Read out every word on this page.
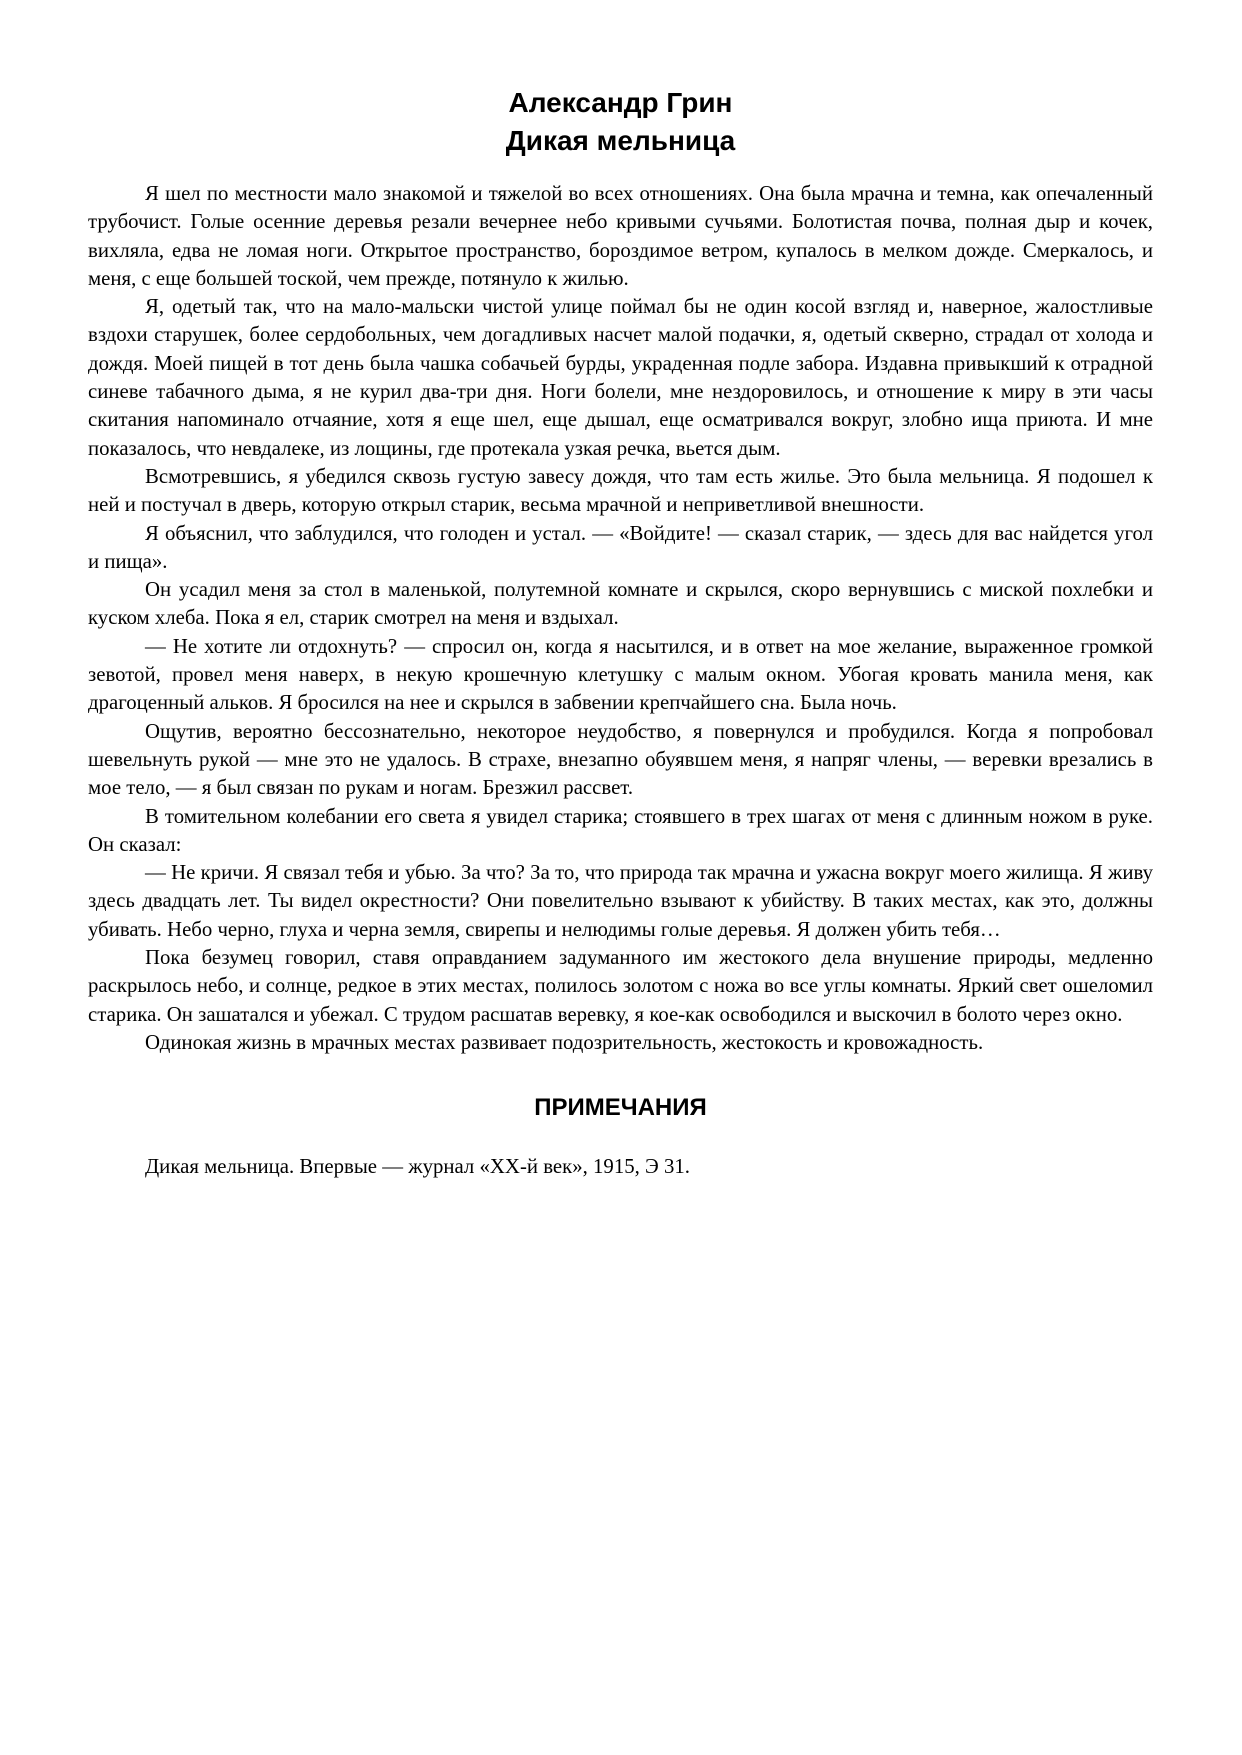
Александр Грин
Дикая мельница

Я шел по местности мало знакомой и тяжелой во всех отношениях. Она была мрачна и темна, как опечаленный трубочист. Голые осенние деревья резали вечернее небо кривыми сучьями. Болотистая почва, полная дыр и кочек, вихляла, едва не ломая ноги. Открытое пространство, бороздимое ветром, купалось в мелком дожде. Смеркалось, и меня, с еще большей тоской, чем прежде, потянуло к жилью.

Я, одетый так, что на мало-мальски чистой улице поймал бы не один косой взгляд и, наверное, жалостливые вздохи старушек, более сердобольных, чем догадливых насчет малой подачки, я, одетый скверно, страдал от холода и дождя. Моей пищей в тот день была чашка собачьей бурды, украденная подле забора. Издавна привыкший к отрадной синеве табачного дыма, я не курил два-три дня. Ноги болели, мне нездоровилось, и отношение к миру в эти часы скитания напоминало отчаяние, хотя я еще шел, еще дышал, еще осматривался вокруг, злобно ища приюта. И мне показалось, что невдалеке, из лощины, где протекала узкая речка, вьется дым.

Всмотревшись, я убедился сквозь густую завесу дождя, что там есть жилье. Это была мельница. Я подошел к ней и постучал в дверь, которую открыл старик, весьма мрачной и неприветливой внешности.

Я объяснил, что заблудился, что голоден и устал. — «Войдите! — сказал старик, — здесь для вас найдется угол и пища».

Он усадил меня за стол в маленькой, полутемной комнате и скрылся, скоро вернувшись с миской похлебки и куском хлеба. Пока я ел, старик смотрел на меня и вздыхал.

— Не хотите ли отдохнуть? — спросил он, когда я насытился, и в ответ на мое желание, выраженное громкой зевотой, провел меня наверх, в некую крошечную клетушку с малым окном. Убогая кровать манила меня, как драгоценный альков. Я бросился на нее и скрылся в забвении крепчайшего сна. Была ночь.

Ощутив, вероятно бессознательно, некоторое неудобство, я повернулся и пробудился. Когда я попробовал шевельнуть рукой — мне это не удалось. В страхе, внезапно обуявшем меня, я напряг члены, — веревки врезались в мое тело, — я был связан по рукам и ногам. Брезжил рассвет.

В томительном колебании его света я увидел старика; стоявшего в трех шагах от меня с длинным ножом в руке. Он сказал:

— Не кричи. Я связал тебя и убью. За что? За то, что природа так мрачна и ужасна вокруг моего жилища. Я живу здесь двадцать лет. Ты видел окрестности? Они повелительно взывают к убийству. В таких местах, как это, должны убивать. Небо черно, глуха и черна земля, свирепы и нелюдимы голые деревья. Я должен убить тебя…

Пока безумец говорил, ставя оправданием задуманного им жестокого дела внушение природы, медленно раскрылось небо, и солнце, редкое в этих местах, полилось золотом с ножа во все углы комнаты. Яркий свет ошеломил старика. Он зашатался и убежал. С трудом расшатав веревку, я кое-как освободился и выскочил в болото через окно.

Одинокая жизнь в мрачных местах развивает подозрительность, жестокость и кровожадность.

ПРИМЕЧАНИЯ

Дикая мельница. Впервые — журнал «XX-й век», 1915, Э 31.
